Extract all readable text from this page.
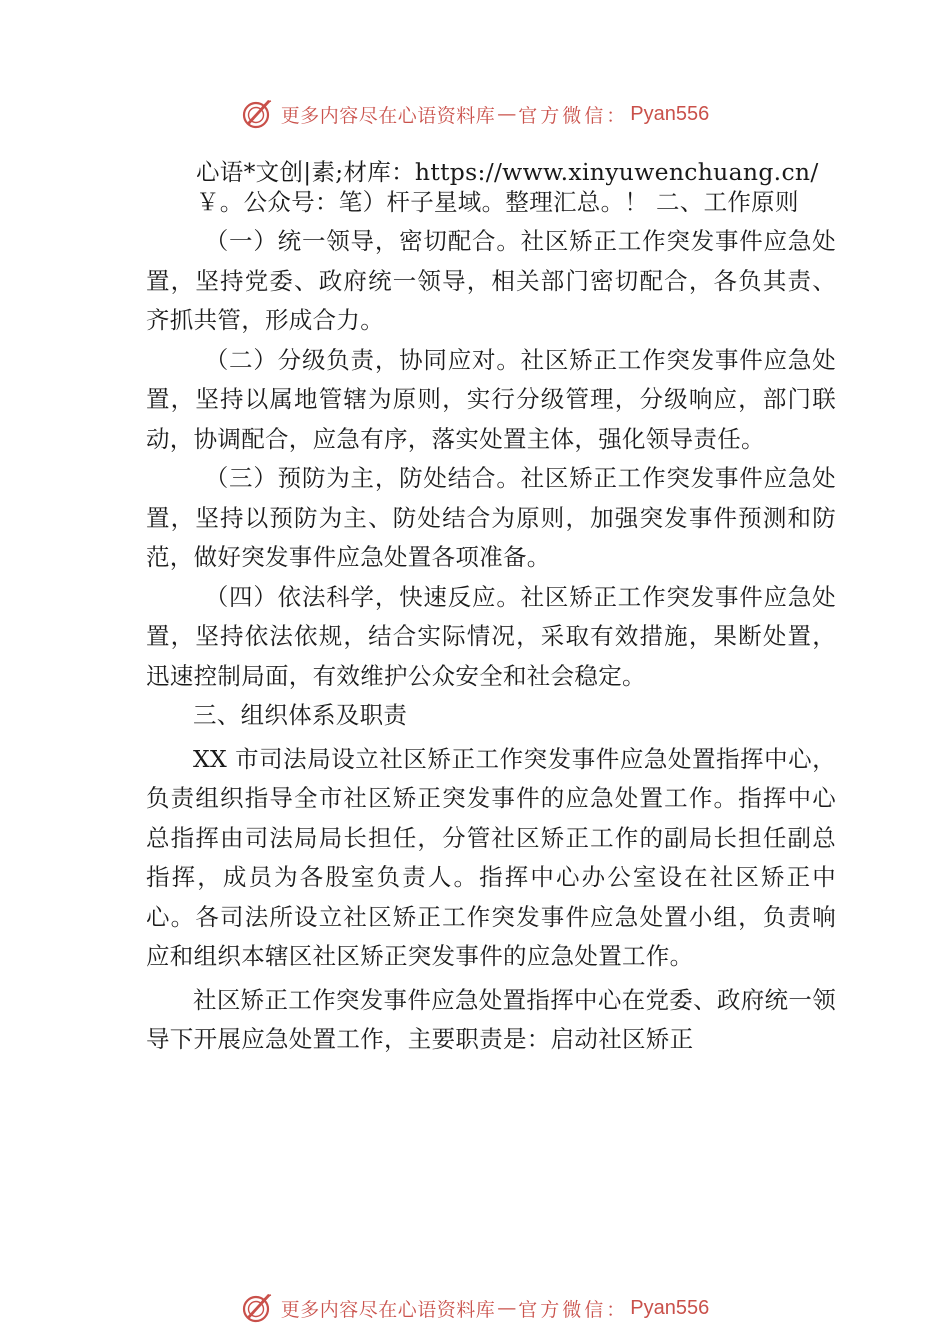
更多内容尽在心语资料库 — 官方微信： Pyan556
心语*文创|素;材库：https://www.xinyuwenchuang.cn/
￥。公众号：笔）杆子星域。整理汇总。！ 二、工作原则

（一）统一领导，密切配合。社区矫正工作突发事件应急处置，坚持党委、政府统一领导，相关部门密切配合，各负其责、齐抓共管，形成合力。

（二）分级负责，协同应对。社区矫正工作突发事件应急处置，坚持以属地管辖为原则，实行分级管理，分级响应，部门联动，协调配合，应急有序，落实处置主体，强化领导责任。

（三）预防为主，防处结合。社区矫正工作突发事件应急处置，坚持以预防为主、防处结合为原则，加强突发事件预测和防范，做好突发事件应急处置各项准备。

（四）依法科学，快速反应。社区矫正工作突发事件应急处置，坚持依法依规，结合实际情况，采取有效措施，果断处置，迅速控制局面，有效维护公众安全和社会稳定。

三、组织体系及职责

XX 市司法局设立社区矫正工作突发事件应急处置指挥中心，负责组织指导全市社区矫正突发事件的应急处置工作。指挥中心总指挥由司法局局长担任，分管社区矫正工作的副局长担任副总指挥，成员为各股室负责人。指挥中心办公室设在社区矫正中心。各司法所设立社区矫正工作突发事件应急处置小组，负责响应和组织本辖区社区矫正突发事件的应急处置工作。

社区矫正工作突发事件应急处置指挥中心在党委、政府统一领导下开展应急处置工作，主要职责是：启动社区矫正

更多内容尽在心语资料库 — 官方微信： Pyan556
